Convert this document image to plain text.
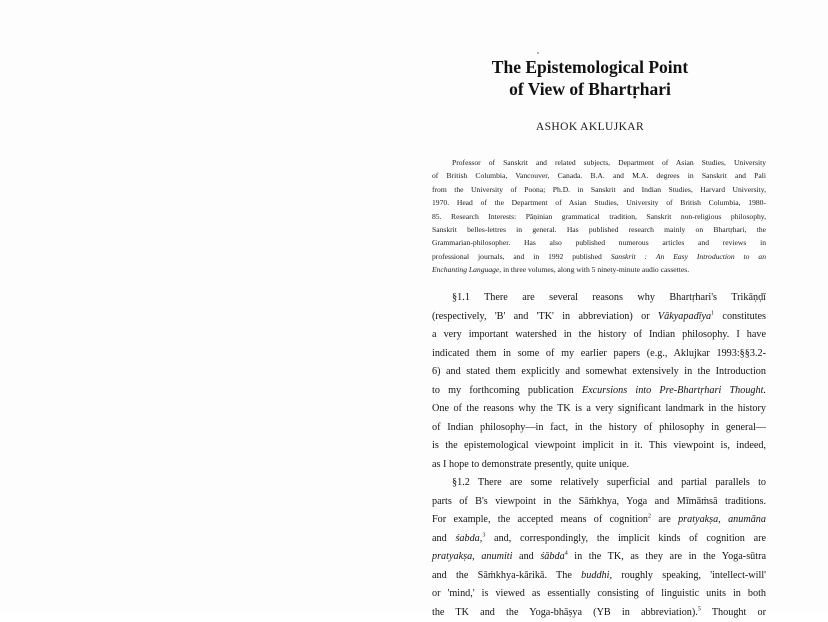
The Epistemological Point
of View of Bhartṛhari
ASHOK AKLUJKAR
Professor of Sanskrit and related subjects, Department of Asian Studies, University
of British Columbia, Vancouver, Canada. B.A. and M.A. degrees in Sanskrit and Pali
from the University of Poona; Ph.D. in Sanskrit and Indian Studies, Harvard University,
1970. Head of the Department of Asian Studies, University of British Columbia, 1980-
85. Research Interests: Pāṇinian grammatical tradition, Sanskrit non-religious philosophy,
Sanskrit belles-lettres in general. Has published research mainly on Bhartṛhari, the
Grammarian-philosopher. Has also published numerous articles and reviews in
professional journals, and in 1992 published Sanskrit : An Easy Introduction to an
Enchanting Language, in three volumes, along with 5 ninety-minute audio cassettes.
§1.1 There are several reasons why Bhartṛhari's Trikāṇḍī
(respectively, 'B' and 'TK' in abbreviation) or Vākyapadīya$^1$ constitutes
a very important watershed in the history of Indian philosophy. I have
indicated them in some of my earlier papers (e.g., Aklujkar 1993:§§3.2-
6) and stated them explicitly and somewhat extensively in the Introduction
to my forthcoming publication Excursions into Pre-Bhartṛhari Thought.
One of the reasons why the TK is a very significant landmark in the history
of Indian philosophy—in fact, in the history of philosophy in general—
is the epistemological viewpoint implicit in it. This viewpoint is, indeed,
as I hope to demonstrate presently, quite unique.
§1.2 There are some relatively superficial and partial parallels to
parts of B's viewpoint in the Sāṁkhya, Yoga and Mīmāṁsā traditions.
For example, the accepted means of cognition$^2$ are pratyakṣa, anumāna
and śabda,$^3$ and, correspondingly, the implicit kinds of cognition are
pratyakṣa, anumiti and śābda$^4$ in the TK, as they are in the Yoga-sūtra
and the Sāṁkhya-kārikā. The buddhi, roughly speaking, 'intellect-will'
or 'mind,' is viewed as essentially consisting of linguistic units in both
the TK and the Yoga-bhāṣya (YB in abbreviation).$^5$ Thought or
